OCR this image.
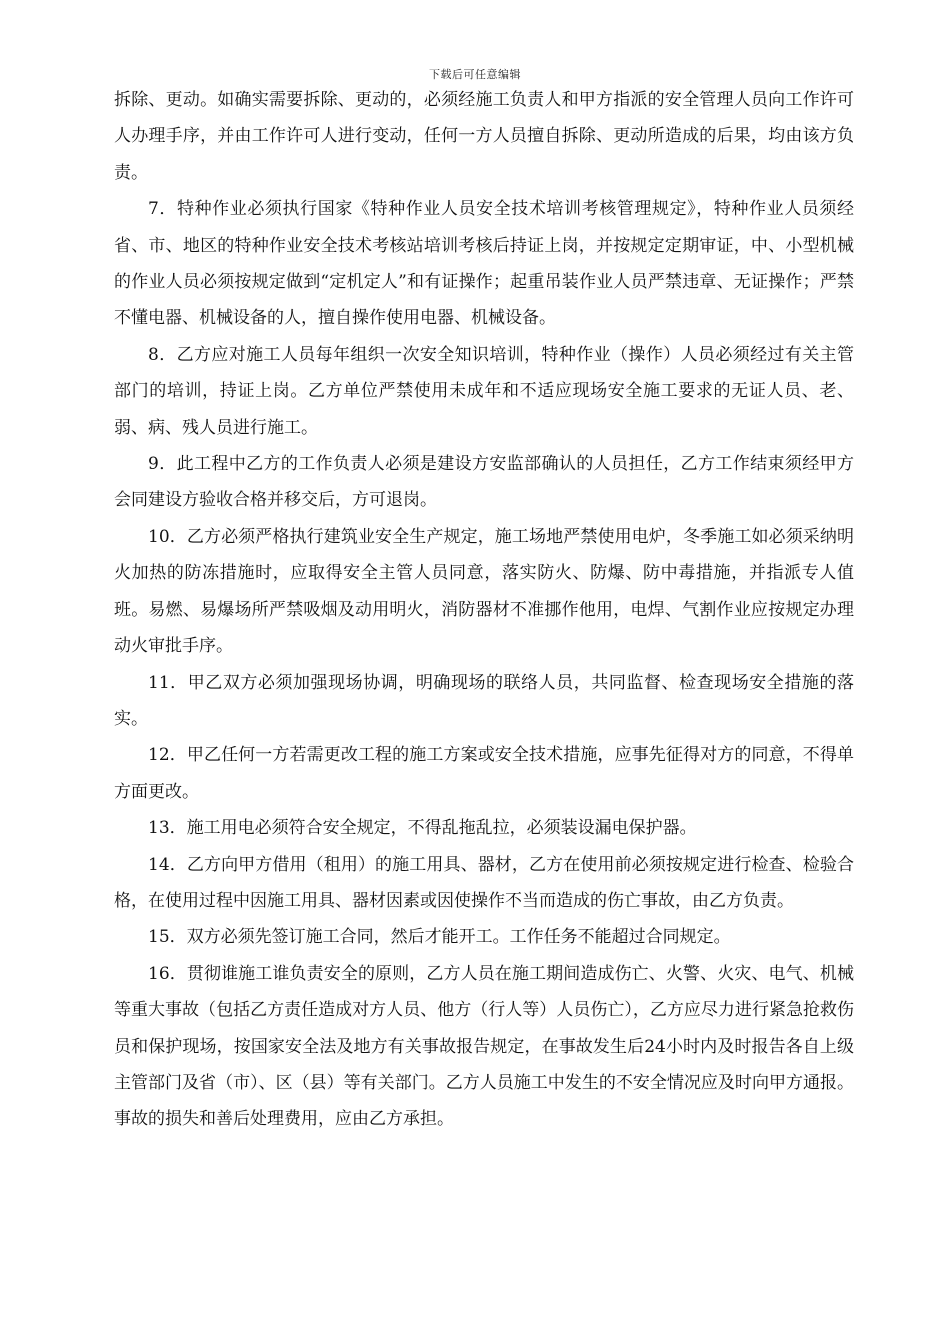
下载后可任意编辑

拆除、更动。如确实需要拆除、更动的，必须经施工负责人和甲方指派的安全管理人员向工作许可人办理手序，并由工作许可人进行变动，任何一方人员擅自拆除、更动所造成的后果，均由该方负责。

7．特种作业必须执行国家《特种作业人员安全技术培训考核管理规定》，特种作业人员须经省、市、地区的特种作业安全技术考核站培训考核后持证上岗，并按规定定期审证，中、小型机械的作业人员必须按规定做到“定机定人”和有证操作；起重吊装作业人员严禁违章、无证操作；严禁不懂电器、机械设备的人，擅自操作使用电器、机械设备。

8．乙方应对施工人员每年组织一次安全知识培训，特种作业（操作）人员必须经过有关主管部门的培训，持证上岗。乙方单位严禁使用未成年和不适应现场安全施工要求的无证人员、老、弱、病、残人员进行施工。

9．此工程中乙方的工作负责人必须是建设方安监部确认的人员担任，乙方工作结束须经甲方会同建设方验收合格并移交后，方可退岗。

10．乙方必须严格执行建筑业安全生产规定，施工场地严禁使用电炉，冬季施工如必须采纳明火加热的防冻措施时，应取得安全主管人员同意，落实防火、防爆、防中毒措施，并指派专人值班。易燃、易爆场所严禁吸烟及动用明火，消防器材不准挪作他用，电焊、气割作业应按规定办理动火审批手序。

11．甲乙双方必须加强现场协调，明确现场的联络人员，共同监督、检查现场安全措施的落实。

12．甲乙任何一方若需更改工程的施工方案或安全技术措施，应事先征得对方的同意，不得单方面更改。

13．施工用电必须符合安全规定，不得乱拖乱拉，必须装设漏电保护器。

14．乙方向甲方借用（租用）的施工用具、器材，乙方在使用前必须按规定进行检查、检验合格，在使用过程中因施工用具、器材因素或因使操作不当而造成的伤亡事故，由乙方负责。

15．双方必须先签订施工合同，然后才能开工。工作任务不能超过合同规定。

16．贯彻谁施工谁负责安全的原则，乙方人员在施工期间造成伤亡、火警、火灾、电气、机械等重大事故（包括乙方责任造成对方人员、他方（行人等）人员伤亡），乙方应尽力进行紧急抢救伤员和保护现场，按国家安全法及地方有关事故报告规定，在事故发生后24小时内及时报告各自上级主管部门及省（市）、区（县）等有关部门。乙方人员施工中发生的不安全情况应及时向甲方通报。事故的损失和善后处理费用，应由乙方承担。
